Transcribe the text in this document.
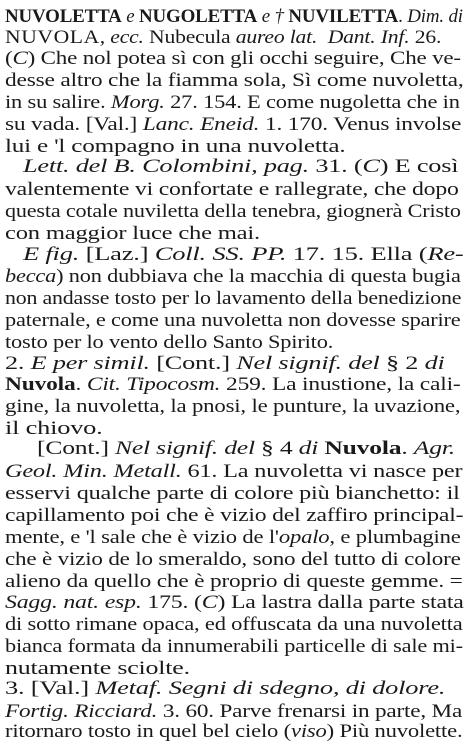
NUVOLETTA e NUGOLETTA e † NUVILETTA. Dim. di
NUVOLA, ecc. Nubecula aureo lat.  Dant. Inf. 26.
(C) Che nol potea sì con gli occhi seguire, Che ve-
desse altro che la fiamma sola, Sì come nuvoletta,
in su salire. Morg. 27. 154. E come nugoletta che in
su vada. [Val.] Lanc. Eneid. 1. 170. Venus involse
lui e 'l compagno in una nuvoletta.
Lett. del B. Colombini, pag. 31. (C) E così
valentemente vi confortate e rallegrate, che dopo
questa cotale nuviletta della tenebra, giognerà Cristo
con maggior luce che mai.
E fig. [Laz.] Coll. SS. PP. 17. 15. Ella (Re-
becca) non dubbiava che la macchia di questa bugia
non andasse tosto per lo lavamento della benedizione
paternale, e come una nuvoletta non dovesse sparire
tosto per lo vento dello Santo Spirito.
2. E per simil. [Cont.] Nel signif. del § 2 di
Nuvola. Cit. Tipocosm. 259. La inustione, la cali-
gine, la nuvoletta, la pnosi, le punture, la uvazione,
il chiovo.
[Cont.] Nel signif. del § 4 di Nuvola. Agr.
Geol. Min. Metall. 61. La nuvoletta vi nasce per
esservi qualche parte di colore più bianchetto: il
capillamento poi che è vizio del zaffiro principal-
mente, e 'l sale che è vizio de l'opalo, e plumbagine
che è vizio de lo smeraldo, sono del tutto di colore
alieno da quello che è proprio di queste gemme. =
Sagg. nat. esp. 175. (C) La lastra dalla parte stata
di sotto rimane opaca, ed offuscata da una nuvoletta
bianca formata da innumerabili particelle di sale mi-
nutamente sciolte.
3. [Val.] Metaf. Segni di sdegno, di dolore.
Fortig. Ricciard. 3. 60. Parve frenarsi in parte, Ma
ritornaro tosto in quel bel cielo (viso) Più nuvolette.
